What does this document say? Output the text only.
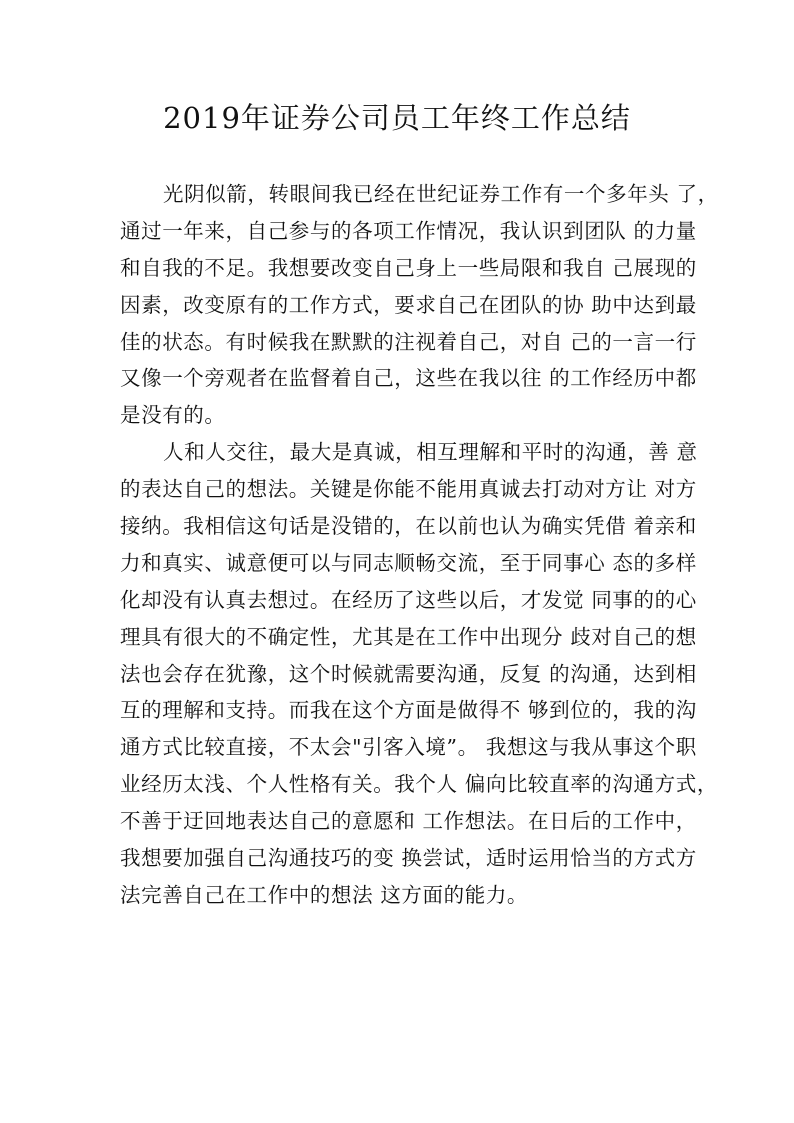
2019年证券公司员工年终工作总结
光阴似箭，转眼间我已经在世纪证券工作有一个多年头 了，
通过一年来，自己参与的各项工作情况，我认识到团队 的力量
和自我的不足。我想要改变自己身上一些局限和我自 己展现的
因素，改变原有的工作方式，要求自己在团队的协 助中达到最
佳的状态。有时候我在默默的注视着自己，对自 己的一言一行
又像一个旁观者在监督着自己，这些在我以往 的工作经历中都
是没有的。
人和人交往，最大是真诚，相互理解和平时的沟通，善 意
的表达自己的想法。关键是你能不能用真诚去打动对方让 对方
接纳。我相信这句话是没错的，在以前也认为确实凭借 着亲和
力和真实、诚意便可以与同志顺畅交流，至于同事心 态的多样
化却没有认真去想过。在经历了这些以后，才发觉 同事的的心
理具有很大的不确定性，尤其是在工作中出现分 歧对自己的想
法也会存在犹豫，这个时候就需要沟通，反复 的沟通，达到相
互的理解和支持。而我在这个方面是做得不 够到位的，我的沟
通方式比较直接，不太会"引客入境”。 我想这与我从事这个职
业经历太浅、个人性格有关。我个人 偏向比较直率的沟通方式，
不善于迂回地表达自己的意愿和 工作想法。在日后的工作中，
我想要加强自己沟通技巧的变 换尝试，适时运用恰当的方式方
法完善自己在工作中的想法 这方面的能力。
